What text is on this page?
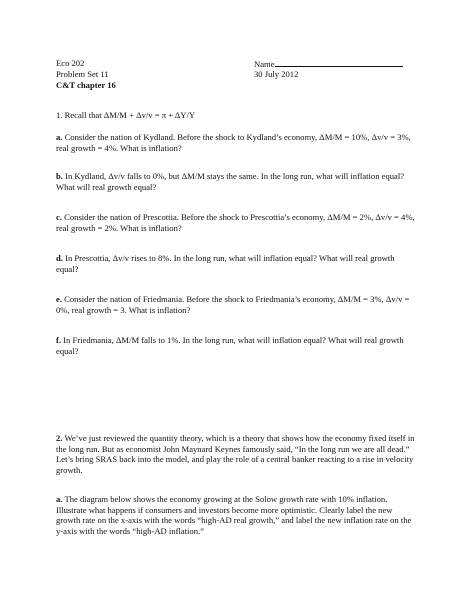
Eco 202	Name
Problem Set 11	30 July 2012
C&T chapter 16

1. Recall that ΔM/M + Δv/v = π + ΔY/Y

a. Consider the nation of Kydland. Before the shock to Kydland’s economy, ΔM/M = 10%, Δv/v = 3%, real growth = 4%. What is inflation?

b. In Kydland, Δv/v falls to 0%, but ΔM/M stays the same. In the long run, what will inflation equal? What will real growth equal?

c. Consider the nation of Prescottia. Before the shock to Prescottia’s economy, ΔM/M = 2%, Δv/v = 4%, real growth = 2%. What is inflation?

d. In Prescottia, Δv/v rises to 8%. In the long run, what will inflation equal? What will real growth equal?

e. Consider the nation of Friedmania. Before the shock to Friedmania’s economy, ΔM/M = 3%, Δv/v = 0%, real growth = 3. What is inflation?

f. In Friedmania, ΔM/M falls to 1%. In the long run, what will inflation equal? What will real growth equal?

2. We’ve just reviewed the quantity theory, which is a theory that shows how the economy fixed itself in the long run. But as economist John Maynard Keynes famously said, “In the long run we are all dead.” Let’s bring SRAS back into the model, and play the role of a central banker reacting to a rise in velocity growth.

a. The diagram below shows the economy growing at the Solow growth rate with 10% inflation. Illustrate what happens if consumers and investors become more optimistic. Clearly label the new growth rate on the x-axis with the words “high-AD real growth,” and label the new inflation rate on the y-axis with the words “high-AD inflation.”
